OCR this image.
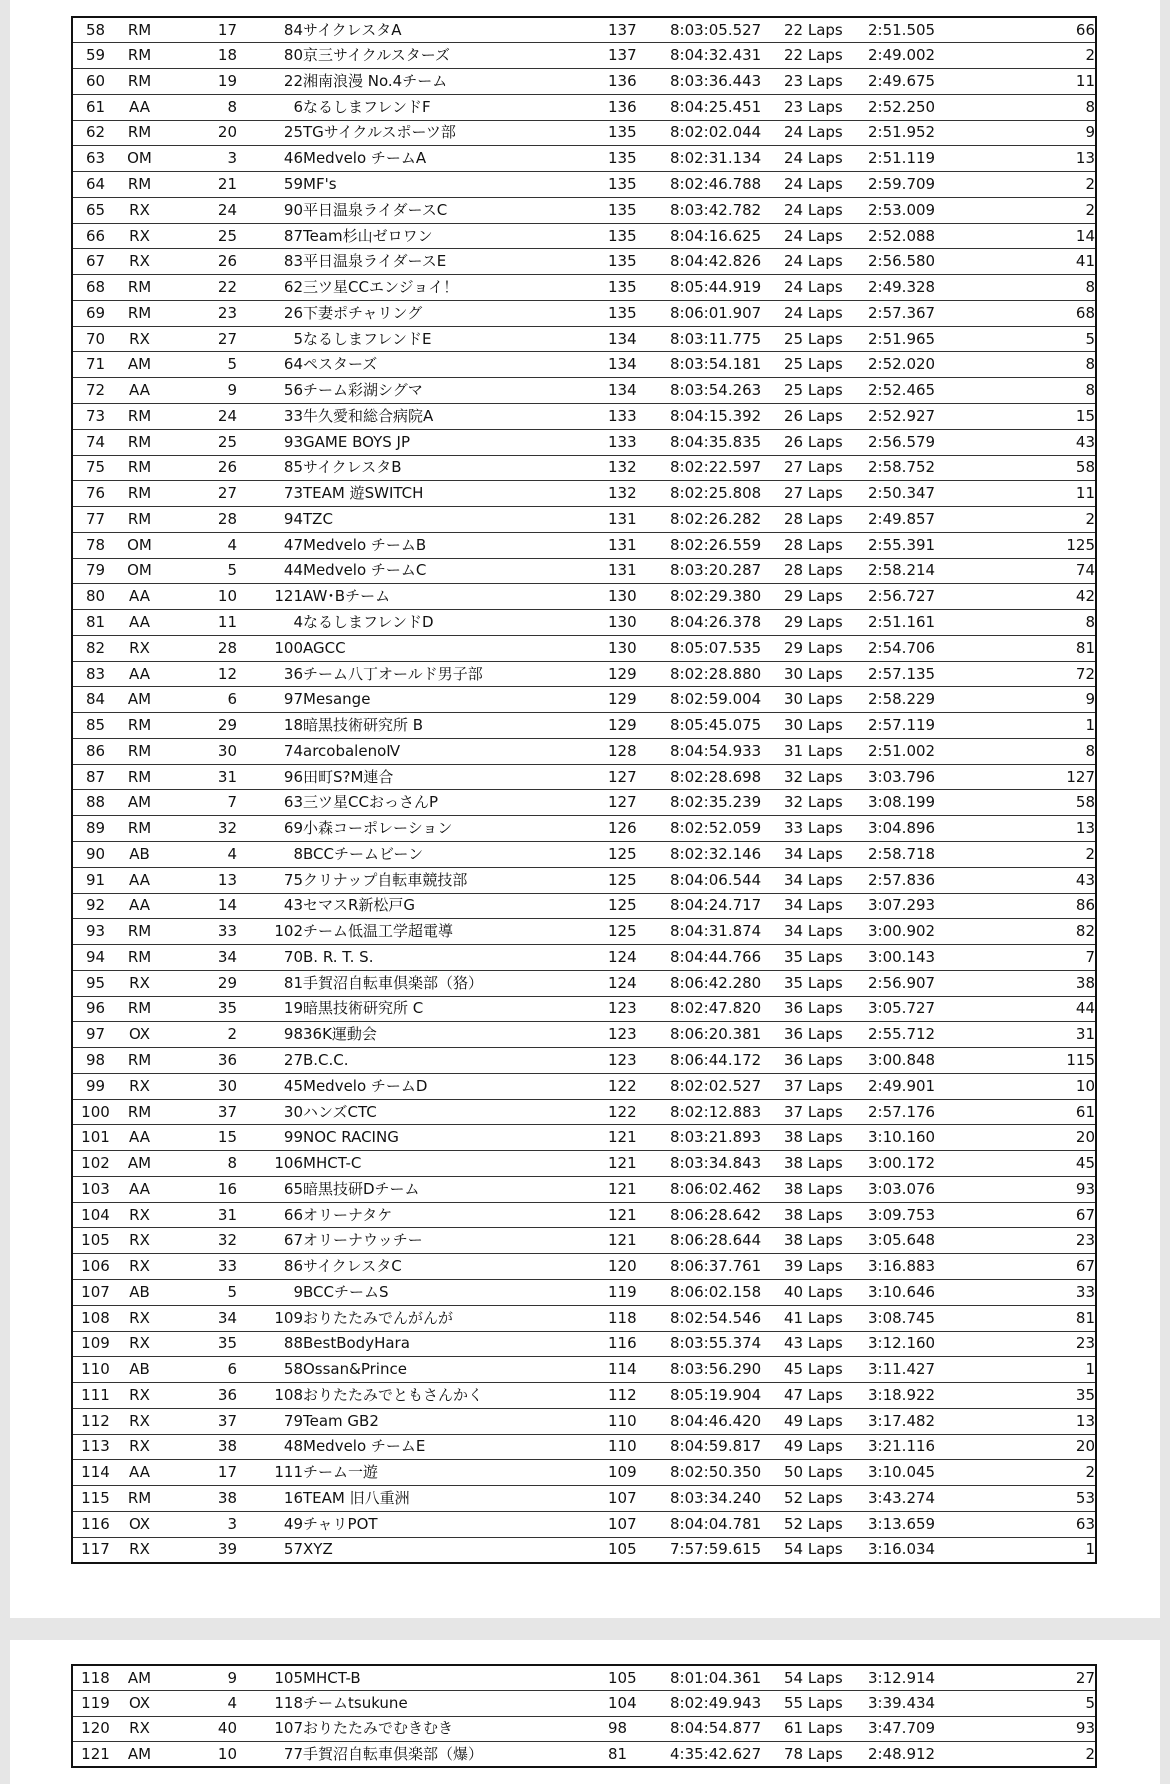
58	RM	17	84	サイクレスタA	137	8:03:05.527	22 Laps	2:51.505	66
59	RM	18	80	京三サイクルスターズ	137	8:04:32.431	22 Laps	2:49.002	2
60	RM	19	22	湘南浪漫 No.4チーム	136	8:03:36.443	23 Laps	2:49.675	11
61	AA	8	6	なるしまフレンドF	136	8:04:25.451	23 Laps	2:52.250	8
62	RM	20	25	TGサイクルスポーツ部	135	8:02:02.044	24 Laps	2:51.952	9
63	OM	3	46	Medvelo チームA	135	8:02:31.134	24 Laps	2:51.119	13
64	RM	21	59	MF's	135	8:02:46.788	24 Laps	2:59.709	2
65	RX	24	90	平日温泉ライダースC	135	8:03:42.782	24 Laps	2:53.009	2
66	RX	25	87	Team杉山ゼロワン	135	8:04:16.625	24 Laps	2:52.088	14
67	RX	26	83	平日温泉ライダースE	135	8:04:42.826	24 Laps	2:56.580	41
68	RM	22	62	三ツ星CCエンジョイ！	135	8:05:44.919	24 Laps	2:49.328	8
69	RM	23	26	下妻ポチャリング	135	8:06:01.907	24 Laps	2:57.367	68
70	RX	27	5	なるしまフレンドE	134	8:03:11.775	25 Laps	2:51.965	5
71	AM	5	64	ペスターズ	134	8:03:54.181	25 Laps	2:52.020	8
72	AA	9	56	チーム彩湖シグマ	134	8:03:54.263	25 Laps	2:52.465	8
73	RM	24	33	牛久愛和総合病院A	133	8:04:15.392	26 Laps	2:52.927	15
74	RM	25	93	GAME BOYS JP	133	8:04:35.835	26 Laps	2:56.579	43
75	RM	26	85	サイクレスタB	132	8:02:22.597	27 Laps	2:58.752	58
76	RM	27	73	TEAM 遊SWITCH	132	8:02:25.808	27 Laps	2:50.347	11
77	RM	28	94	TZC	131	8:02:26.282	28 Laps	2:49.857	2
78	OM	4	47	Medvelo チームB	131	8:02:26.559	28 Laps	2:55.391	125
79	OM	5	44	Medvelo チームC	131	8:03:20.287	28 Laps	2:58.214	74
80	AA	10	121	AW･Bチーム	130	8:02:29.380	29 Laps	2:56.727	42
81	AA	11	4	なるしまフレンドD	130	8:04:26.378	29 Laps	2:51.161	8
82	RX	28	100	AGCC	130	8:05:07.535	29 Laps	2:54.706	81
83	AA	12	36	チーム八丁オールド男子部	129	8:02:28.880	30 Laps	2:57.135	72
84	AM	6	97	Mesange	129	8:02:59.004	30 Laps	2:58.229	9
85	RM	29	18	暗黒技術研究所 B	129	8:05:45.075	30 Laps	2:57.119	1
86	RM	30	74	arcobalenoⅣ	128	8:04:54.933	31 Laps	2:51.002	8
87	RM	31	96	田町S?M連合	127	8:02:28.698	32 Laps	3:03.796	127
88	AM	7	63	三ツ星CCおっさんP	127	8:02:35.239	32 Laps	3:08.199	58
89	RM	32	69	小森コーポレーション	126	8:02:52.059	33 Laps	3:04.896	13
90	AB	4	8	BCCチームビーン	125	8:02:32.146	34 Laps	2:58.718	2
91	AA	13	75	クリナップ自転車競技部	125	8:04:06.544	34 Laps	2:57.836	43
92	AA	14	43	セマスR新松戸G	125	8:04:24.717	34 Laps	3:07.293	86
93	RM	33	102	チーム低温工学超電導	125	8:04:31.874	34 Laps	3:00.902	82
94	RM	34	70	B. R. T. S.	124	8:04:44.766	35 Laps	3:00.143	7
95	RX	29	81	手賀沼自転車倶楽部（狢）	124	8:06:42.280	35 Laps	2:56.907	38
96	RM	35	19	暗黒技術研究所 C	123	8:02:47.820	36 Laps	3:05.727	44
97	OX	2	98	36K運動会	123	8:06:20.381	36 Laps	2:55.712	31
98	RM	36	27	B.C.C.	123	8:06:44.172	36 Laps	3:00.848	115
99	RX	30	45	Medvelo チームD	122	8:02:02.527	37 Laps	2:49.901	10
100	RM	37	30	ハンズCTC	122	8:02:12.883	37 Laps	2:57.176	61
101	AA	15	99	NOC RACING	121	8:03:21.893	38 Laps	3:10.160	20
102	AM	8	106	MHCT-C	121	8:03:34.843	38 Laps	3:00.172	45
103	AA	16	65	暗黒技研Dチーム	121	8:06:02.462	38 Laps	3:03.076	93
104	RX	31	66	オリーナタケ	121	8:06:28.642	38 Laps	3:09.753	67
105	RX	32	67	オリーナウッチー	121	8:06:28.644	38 Laps	3:05.648	23
106	RX	33	86	サイクレスタC	120	8:06:37.761	39 Laps	3:16.883	67
107	AB	5	9	BCCチームS	119	8:06:02.158	40 Laps	3:10.646	33
108	RX	34	109	おりたたみでんがんが	118	8:02:54.546	41 Laps	3:08.745	81
109	RX	35	88	BestBodyHara	116	8:03:55.374	43 Laps	3:12.160	23
110	AB	6	58	Ossan&Prince	114	8:03:56.290	45 Laps	3:11.427	1
111	RX	36	108	おりたたみでともさんかく	112	8:05:19.904	47 Laps	3:18.922	35
112	RX	37	79	Team GB2	110	8:04:46.420	49 Laps	3:17.482	13
113	RX	38	48	Medvelo チームE	110	8:04:59.817	49 Laps	3:21.116	20
114	AA	17	111	チーム一遊	109	8:02:50.350	50 Laps	3:10.045	2
115	RM	38	16	TEAM 旧八重洲	107	8:03:34.240	52 Laps	3:43.274	53
116	OX	3	49	チャリPOT	107	8:04:04.781	52 Laps	3:13.659	63
117	RX	39	57	XYZ	105	7:57:59.615	54 Laps	3:16.034	1
118	AM	9	105	MHCT-B	105	8:01:04.361	54 Laps	3:12.914	27
119	OX	4	118	チームtsukune	104	8:02:49.943	55 Laps	3:39.434	5
120	RX	40	107	おりたたみでむきむき	98	8:04:54.877	61 Laps	3:47.709	93
121	AM	10	77	手賀沼自転車倶楽部（爆）	81	4:35:42.627	78 Laps	2:48.912	2
